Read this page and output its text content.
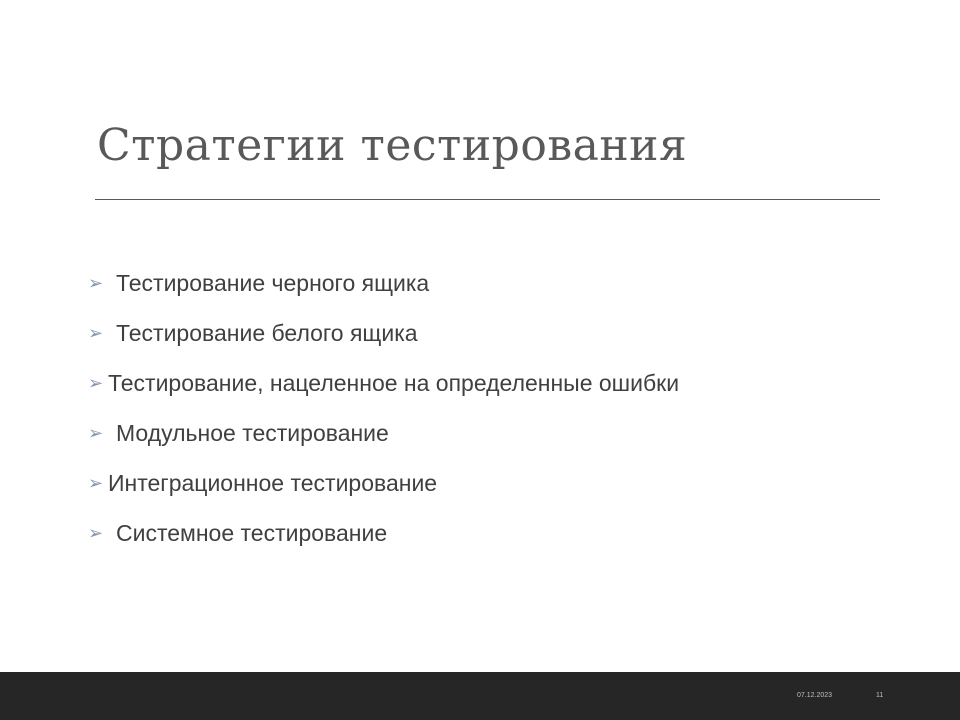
Стратегии тестирования
➢ Тестирование черного ящика
➢ Тестирование белого ящика
➢ Тестирование, нацеленное на определенные ошибки
➢ Модульное тестирование
➢ Интеграционное тестирование
➢ Системное тестирование
07.12.2023	11
